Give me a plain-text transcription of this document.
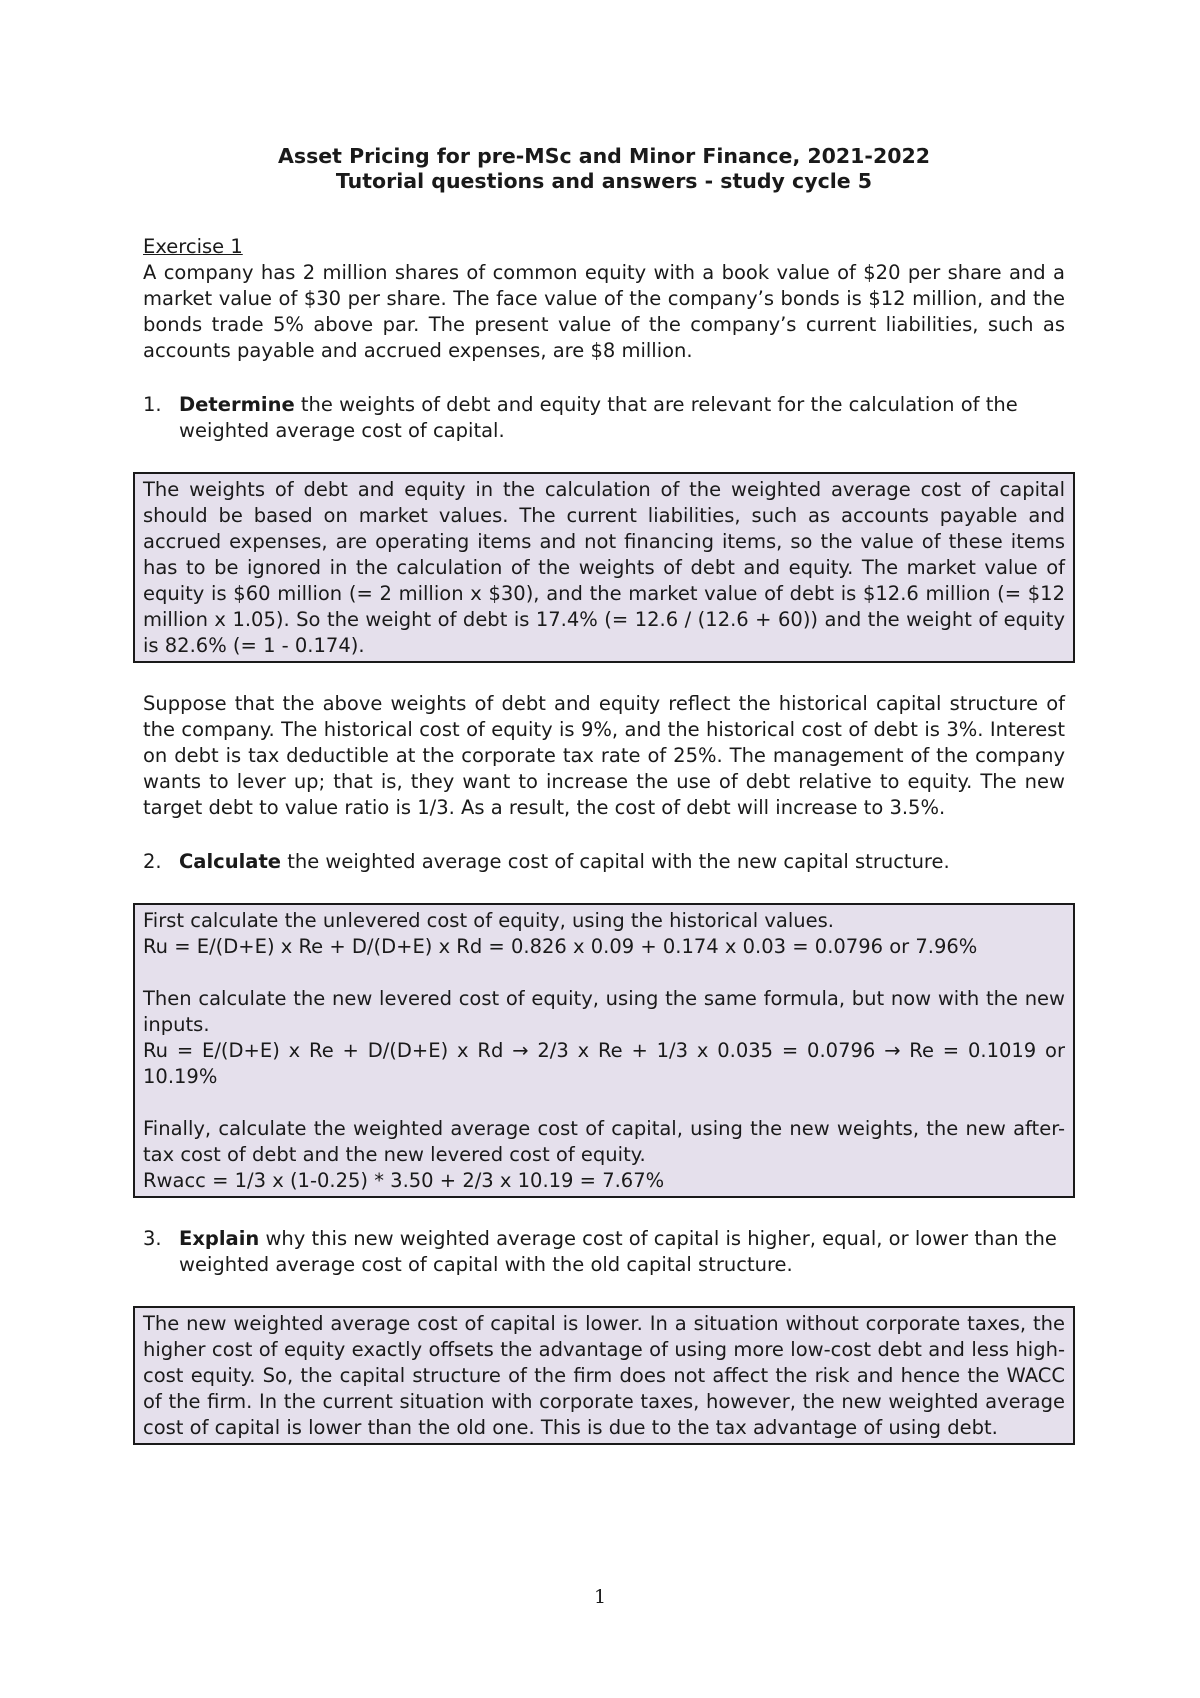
Asset Pricing for pre-MSc and Minor Finance, 2021-2022

Tutorial questions and answers - study cycle 5

Exercise 1

A company has 2 million shares of common equity with a book value of $20 per share and a market value of $30 per share. The face value of the company’s bonds is $12 million, and the bonds trade 5% above par. The present value of the company’s current liabilities, such as accounts payable and accrued expenses, are $8 million.

1. Determine the weights of debt and equity that are relevant for the calculation of the weighted average cost of capital.

The weights of debt and equity in the calculation of the weighted average cost of capital should be based on market values. The current liabilities, such as accounts payable and accrued expenses, are operating items and not financing items, so the value of these items has to be ignored in the calculation of the weights of debt and equity. The market value of equity is $60 million (= 2 million x $30), and the market value of debt is $12.6 million (= $12 million x 1.05). So the weight of debt is 17.4% (= 12.6 / (12.6 + 60)) and the weight of equity is 82.6% (= 1 - 0.174).

Suppose that the above weights of debt and equity reflect the historical capital structure of the company. The historical cost of equity is 9%, and the historical cost of debt is 3%. Interest on debt is tax deductible at the corporate tax rate of 25%. The management of the company wants to lever up; that is, they want to increase the use of debt relative to equity. The new target debt to value ratio is 1/3. As a result, the cost of debt will increase to 3.5%.

2. Calculate the weighted average cost of capital with the new capital structure.

First calculate the unlevered cost of equity, using the historical values.

Ru = E/(D+E) x Re + D/(D+E) x Rd = 0.826 x 0.09 + 0.174 x 0.03 = 0.0796 or 7.96%

Then calculate the new levered cost of equity, using the same formula, but now with the new inputs.

Ru = E/(D+E) x Re + D/(D+E) x Rd → 2/3 x Re + 1/3 x 0.035 = 0.0796 → Re = 0.1019 or 10.19%

Finally, calculate the weighted average cost of capital, using the new weights, the new after-tax cost of debt and the new levered cost of equity.

Rwacc = 1/3 x (1-0.25) * 3.50 + 2/3 x 10.19 = 7.67%

3. Explain why this new weighted average cost of capital is higher, equal, or lower than the weighted average cost of capital with the old capital structure.

The new weighted average cost of capital is lower. In a situation without corporate taxes, the higher cost of equity exactly offsets the advantage of using more low-cost debt and less high-cost equity. So, the capital structure of the firm does not affect the risk and hence the WACC of the firm. In the current situation with corporate taxes, however, the new weighted average cost of capital is lower than the old one. This is due to the tax advantage of using debt.

1
